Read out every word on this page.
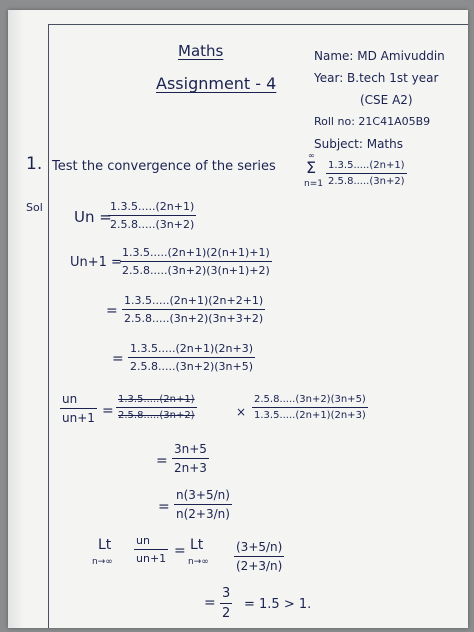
Maths
Assignment - 4
Name: MD Amivuddin
Year: B.tech 1st year
(CSE A2)
Roll no: 21C41A05B9
Subject: Maths
1. Test the convergence of the series
∞
Σ
n=1
1.3.5.....(2n+1)
2.5.8.....(3n+2)
Sol
Un =
1.3.5.....(2n+1)
2.5.8.....(3n+2)
Un+1 =
1.3.5.....(2n+1)(2(n+1)+1)
2.5.8.....(3n+2)(3(n+1)+2)
=
1.3.5.....(2n+1)(2n+2+1)
2.5.8.....(3n+2)(3n+3+2)
=
1.3.5.....(2n+1)(2n+3)
2.5.8.....(3n+2)(3n+5)
un
un+1 =
1.3.5.....(2n+1)
2.5.8.....(3n+2)	×
2.5.8.....(3n+2)(3n+5)
1.3.5.....(2n+1)(2n+3)
=
3n+5
2n+3
=
n(3+5/n)
n(2+3/n)
Lt
n→∞
un
un+1 = Lt
n→∞
(3+5/n)
(2+3/n)
=
3
2
= 1.5 > 1.
